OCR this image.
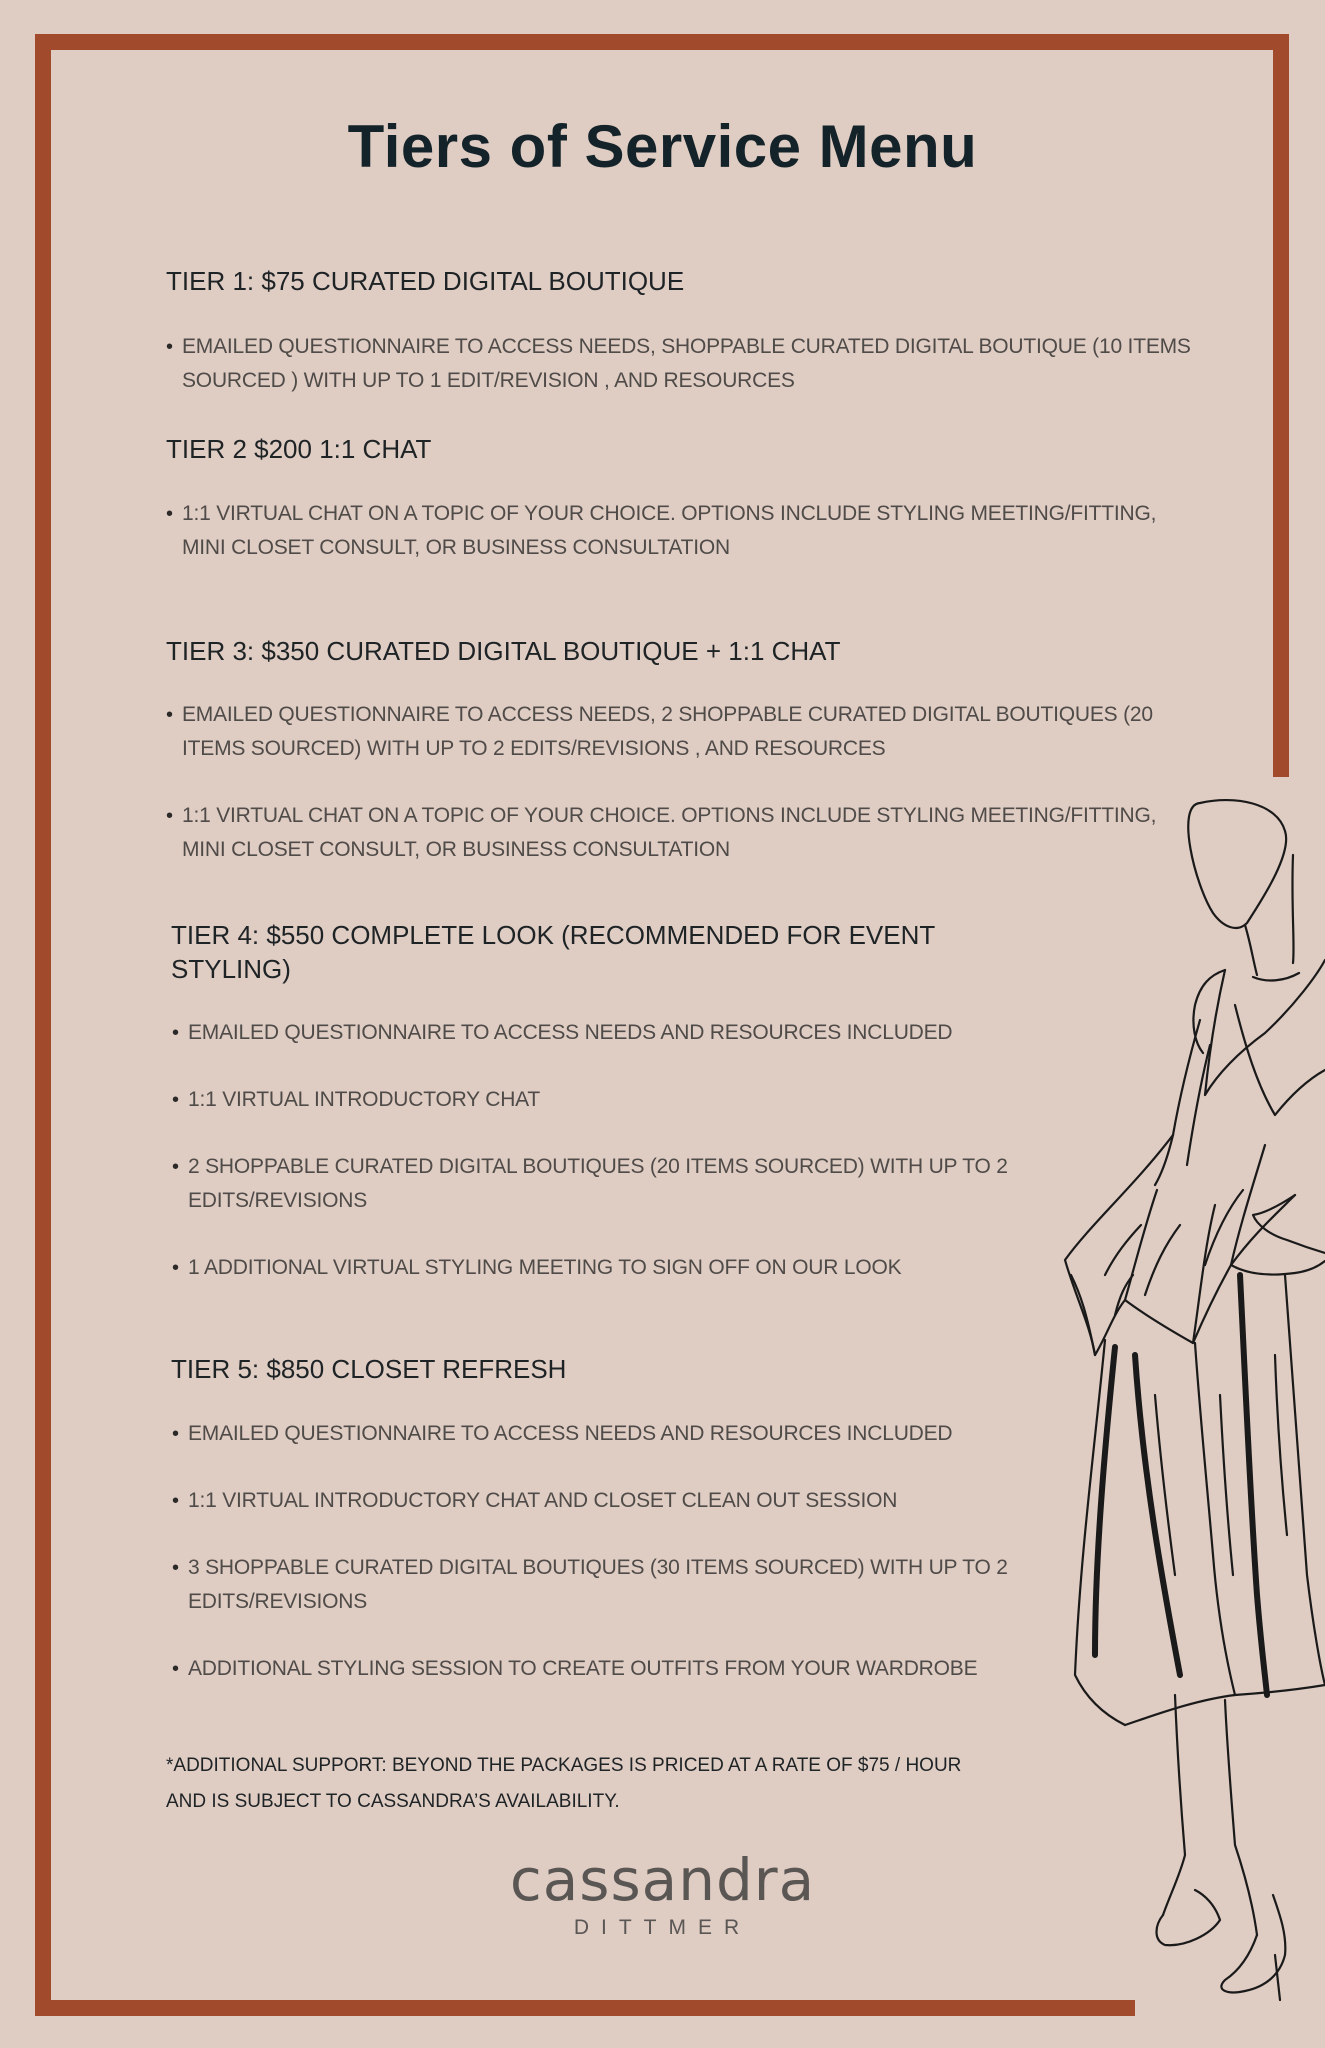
Tiers of Service Menu
TIER 1: $75 CURATED DIGITAL BOUTIQUE
• EMAILED QUESTIONNAIRE TO ACCESS NEEDS, SHOPPABLE CURATED DIGITAL BOUTIQUE (10 ITEMS
SOURCED ) WITH UP TO 1 EDIT/REVISION , AND RESOURCES
TIER 2 $200 1:1 CHAT
• 1:1 VIRTUAL CHAT ON A TOPIC OF YOUR CHOICE. OPTIONS INCLUDE STYLING MEETING/FITTING,
MINI CLOSET CONSULT, OR BUSINESS CONSULTATION
TIER 3: $350 CURATED DIGITAL BOUTIQUE + 1:1 CHAT
• EMAILED QUESTIONNAIRE TO ACCESS NEEDS, 2 SHOPPABLE CURATED DIGITAL BOUTIQUES (20
ITEMS SOURCED) WITH UP TO 2 EDITS/REVISIONS , AND RESOURCES
• 1:1 VIRTUAL CHAT ON A TOPIC OF YOUR CHOICE. OPTIONS INCLUDE STYLING MEETING/FITTING,
MINI CLOSET CONSULT, OR BUSINESS CONSULTATION
TIER 4: $550 COMPLETE LOOK (RECOMMENDED FOR EVENT
STYLING)
• EMAILED QUESTIONNAIRE TO ACCESS NEEDS AND RESOURCES INCLUDED
• 1:1 VIRTUAL INTRODUCTORY CHAT
• 2 SHOPPABLE CURATED DIGITAL BOUTIQUES (20 ITEMS SOURCED) WITH UP TO 2
EDITS/REVISIONS
• 1 ADDITIONAL VIRTUAL STYLING MEETING TO SIGN OFF ON OUR LOOK
TIER 5: $850 CLOSET REFRESH
• EMAILED QUESTIONNAIRE TO ACCESS NEEDS AND RESOURCES INCLUDED
• 1:1 VIRTUAL INTRODUCTORY CHAT AND CLOSET CLEAN OUT SESSION
• 3 SHOPPABLE CURATED DIGITAL BOUTIQUES (30 ITEMS SOURCED) WITH UP TO 2
EDITS/REVISIONS
• ADDITIONAL STYLING SESSION TO CREATE OUTFITS FROM YOUR WARDROBE
*ADDITIONAL SUPPORT: BEYOND THE PACKAGES IS PRICED AT A RATE OF $75 / HOUR
AND IS SUBJECT TO CASSANDRA’S AVAILABILITY.
cassandra
DITTMER
